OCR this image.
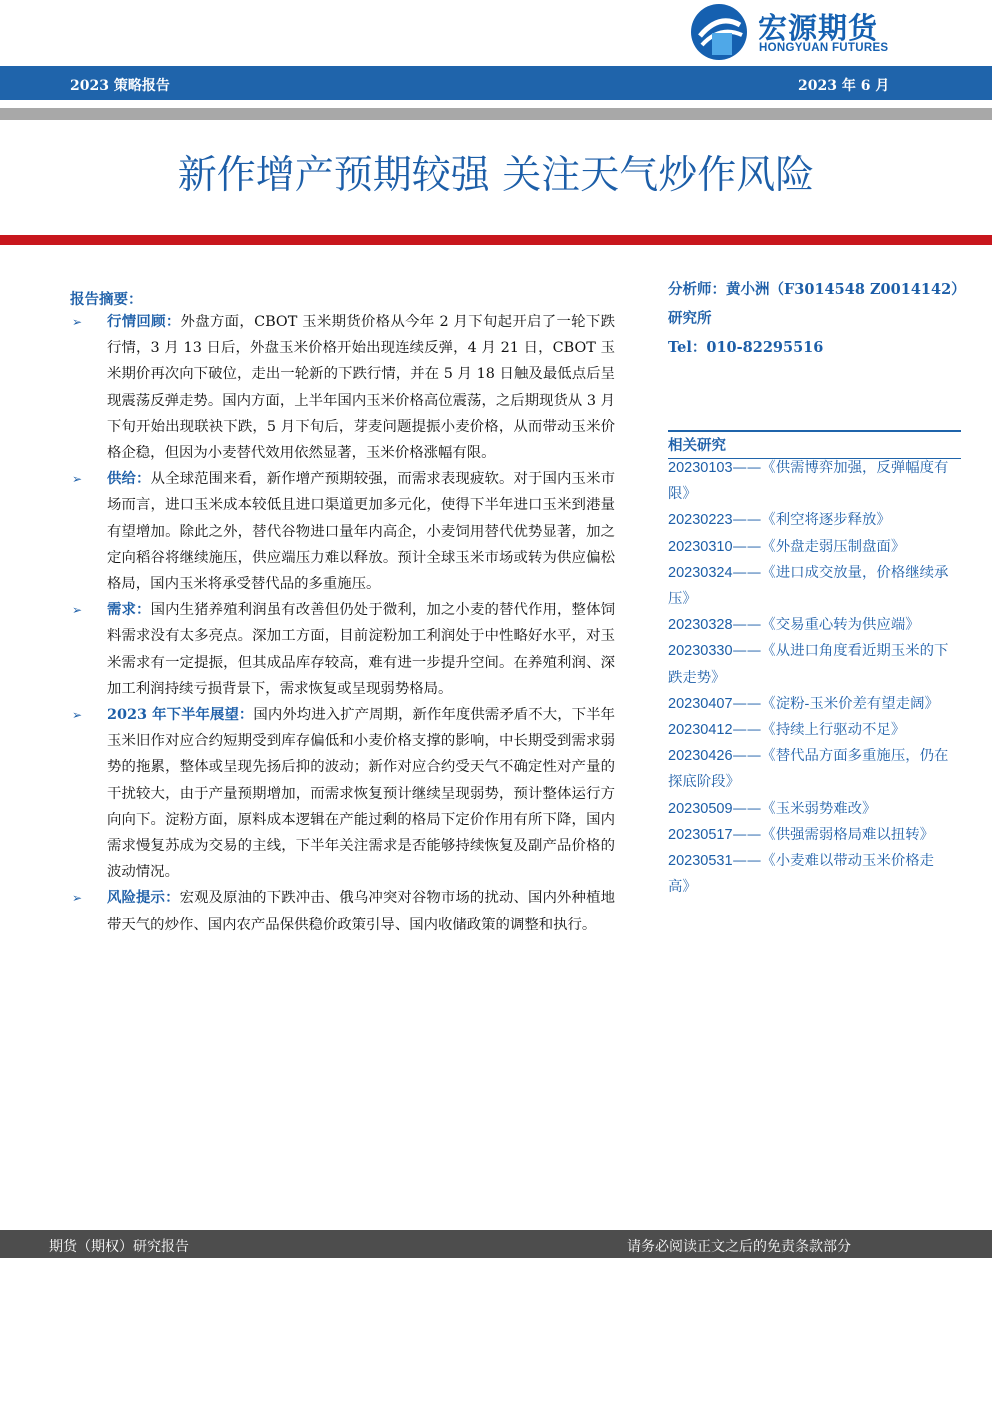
宏源期货
HONGYUAN FUTURES
2023 策略报告	2023 年 6 月
新作增产预期较强 关注天气炒作风险
报告摘要：
➢ 行情回顾：外盘方面，CBOT 玉米期货价格从今年 2 月下旬起开启了一轮下跌行情，3 月 13 日后，外盘玉米价格开始出现连续反弹，4 月 21 日，CBOT 玉米期价再次向下破位，走出一轮新的下跌行情，并在 5 月 18 日触及最低点后呈现震荡反弹走势。国内方面，上半年国内玉米价格高位震荡，之后期现货从 3 月下旬开始出现联袂下跌，5 月下旬后，芽麦问题提振小麦价格，从而带动玉米价格企稳，但因为小麦替代效用依然显著，玉米价格涨幅有限。
➢ 供给：从全球范围来看，新作增产预期较强，而需求表现疲软。对于国内玉米市场而言，进口玉米成本较低且进口渠道更加多元化，使得下半年进口玉米到港量有望增加。除此之外，替代谷物进口量年内高企，小麦饲用替代优势显著，加之定向稻谷将继续施压，供应端压力难以释放。预计全球玉米市场或转为供应偏松格局，国内玉米将承受替代品的多重施压。
➢ 需求：国内生猪养殖利润虽有改善但仍处于微利，加之小麦的替代作用，整体饲料需求没有太多亮点。深加工方面，目前淀粉加工利润处于中性略好水平，对玉米需求有一定提振，但其成品库存较高，难有进一步提升空间。在养殖利润、深加工利润持续亏损背景下，需求恢复或呈现弱势格局。
➢ 2023 年下半年展望：国内外均进入扩产周期，新作年度供需矛盾不大，下半年玉米旧作对应合约短期受到库存偏低和小麦价格支撑的影响，中长期受到需求弱势的拖累，整体或呈现先扬后抑的波动；新作对应合约受天气不确定性对产量的干扰较大，由于产量预期增加，而需求恢复预计继续呈现弱势，预计整体运行方向向下。淀粉方面，原料成本逻辑在产能过剩的格局下定价作用有所下降，国内需求慢复苏成为交易的主线，下半年关注需求是否能够持续恢复及副产品价格的波动情况。
➢ 风险提示：宏观及原油的下跌冲击、俄乌冲突对谷物市场的扰动、国内外种植地带天气的炒作、国内农产品保供稳价政策引导、国内收储政策的调整和执行。
分析师：黄小洲（F3014548 Z0014142）
研究所
Tel：010-82295516
相关研究
20230103——《供需博弈加强，反弹幅度有限》
20230223——《利空将逐步释放》
20230310——《外盘走弱压制盘面》
20230324——《进口成交放量，价格继续承压》
20230328——《交易重心转为供应端》
20230330——《从进口角度看近期玉米的下跌走势》
20230407——《淀粉-玉米价差有望走阔》
20230412——《持续上行驱动不足》
20230426——《替代品方面多重施压，仍在探底阶段》
20230509——《玉米弱势难改》
20230517——《供强需弱格局难以扭转》
20230531——《小麦难以带动玉米价格走高》
期货（期权）研究报告	请务必阅读正文之后的免责条款部分
